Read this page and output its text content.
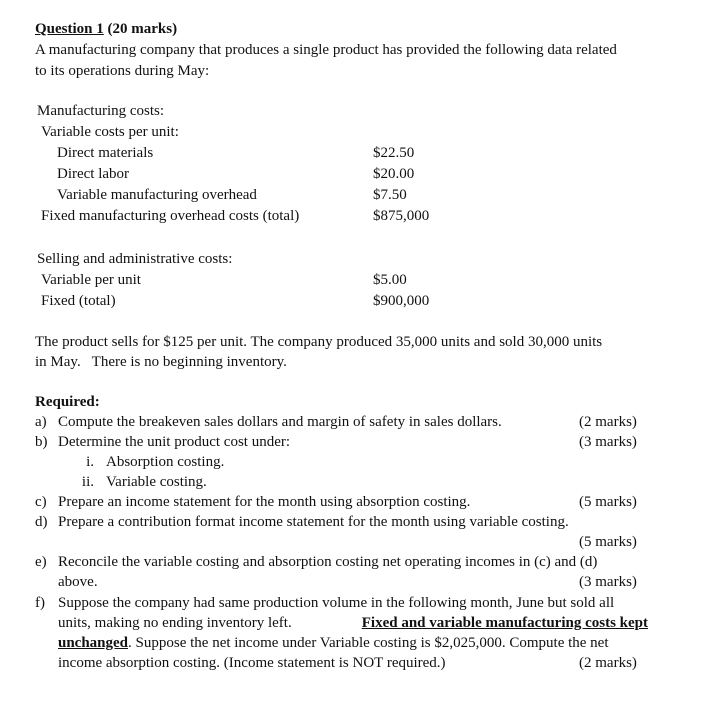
Question 1 (20 marks)
A manufacturing company that produces a single product has provided the following data related
to its operations during May:
Manufacturing costs:
Variable costs per unit:
Direct materials	$22.50
Direct labor	$20.00
Variable manufacturing overhead	$7.50
Fixed manufacturing overhead costs (total)	$875,000
Selling and administrative costs:
Variable per unit	$5.00
Fixed (total)	$900,000
The product sells for $125 per unit. The company produced 35,000 units and sold 30,000 units
in May.   There is no beginning inventory.
Required:
a) Compute the breakeven sales dollars and margin of safety in sales dollars.	(2 marks)
b) Determine the unit product cost under:	(3 marks)
i. Absorption costing.
ii. Variable costing.
c) Prepare an income statement for the month using absorption costing.	(5 marks)
d) Prepare a contribution format income statement for the month using variable costing.
(5 marks)
e) Reconcile the variable costing and absorption costing net operating incomes in (c) and (d)
above.	(3 marks)
f) Suppose the company had same production volume in the following month, June but sold all
units, making no ending inventory left.	Fixed and variable manufacturing costs kept
unchanged. Suppose the net income under Variable costing is $2,025,000. Compute the net
income absorption costing. (Income statement is NOT required.)	(2 marks)
